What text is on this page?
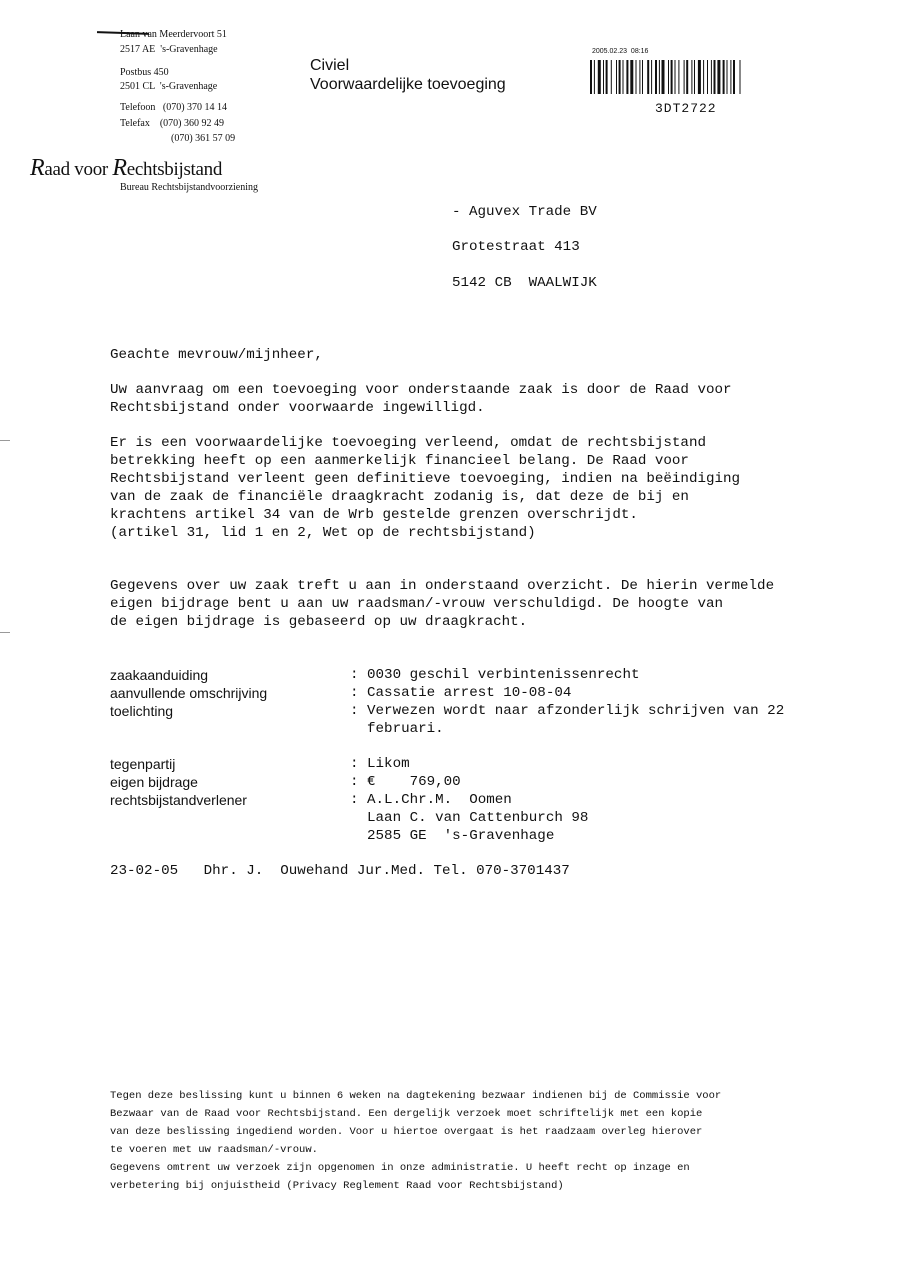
Laan van Meerdervoort 51
2517 AE  's-Gravenhage
Postbus 450
2501 CL  's-Gravenhage
Telefoon   (070) 370 14 14
Telefax    (070) 360 92 49
(070) 361 57 09
Raad voor Rechtsbijstand
Bureau Rechtsbijstandvoorziening
Civiel
Voorwaardelijke toevoeging
2005.02.23  08:16
3DT2722
- Aguvex Trade BV
Grotestraat 413
5142 CB  WAALWIJK
Geachte mevrouw/mijnheer,
Uw aanvraag om een toevoeging voor onderstaande zaak is door de Raad voor
Rechtsbijstand onder voorwaarde ingewilligd.
Er is een voorwaardelijke toevoeging verleend, omdat de rechtsbijstand
betrekking heeft op een aanmerkelijk financieel belang. De Raad voor
Rechtsbijstand verleent geen definitieve toevoeging, indien na beëindiging
van de zaak de financiële draagkracht zodanig is, dat deze de bij en
krachtens artikel 34 van de Wrb gestelde grenzen overschrijdt.
(artikel 31, lid 1 en 2, Wet op de rechtsbijstand)
Gegevens over uw zaak treft u aan in onderstaand overzicht. De hierin vermelde
eigen bijdrage bent u aan uw raadsman/-vrouw verschuldigd. De hoogte van
de eigen bijdrage is gebaseerd op uw draagkracht.
zaakaanduiding	: 0030 geschil verbintenissenrecht
aanvullende omschrijving	: Cassatie arrest 10-08-04
toelichting	: Verwezen wordt naar afzonderlijk schrijven van 22
februari.
tegenpartij	: Likom
eigen bijdrage	: €    769,00
rechtsbijstandverlener	: A.L.Chr.M.  Oomen
Laan C. van Cattenburch 98
2585 GE  's-Gravenhage
23-02-05   Dhr. J.  Ouwehand Jur.Med. Tel. 070-3701437
Tegen deze beslissing kunt u binnen 6 weken na dagtekening bezwaar indienen bij de Commissie voor
Bezwaar van de Raad voor Rechtsbijstand. Een dergelijk verzoek moet schriftelijk met een kopie
van deze beslissing ingediend worden. Voor u hiertoe overgaat is het raadzaam overleg hierover
te voeren met uw raadsman/-vrouw.
Gegevens omtrent uw verzoek zijn opgenomen in onze administratie. U heeft recht op inzage en
verbetering bij onjuistheid (Privacy Reglement Raad voor Rechtsbijstand)
